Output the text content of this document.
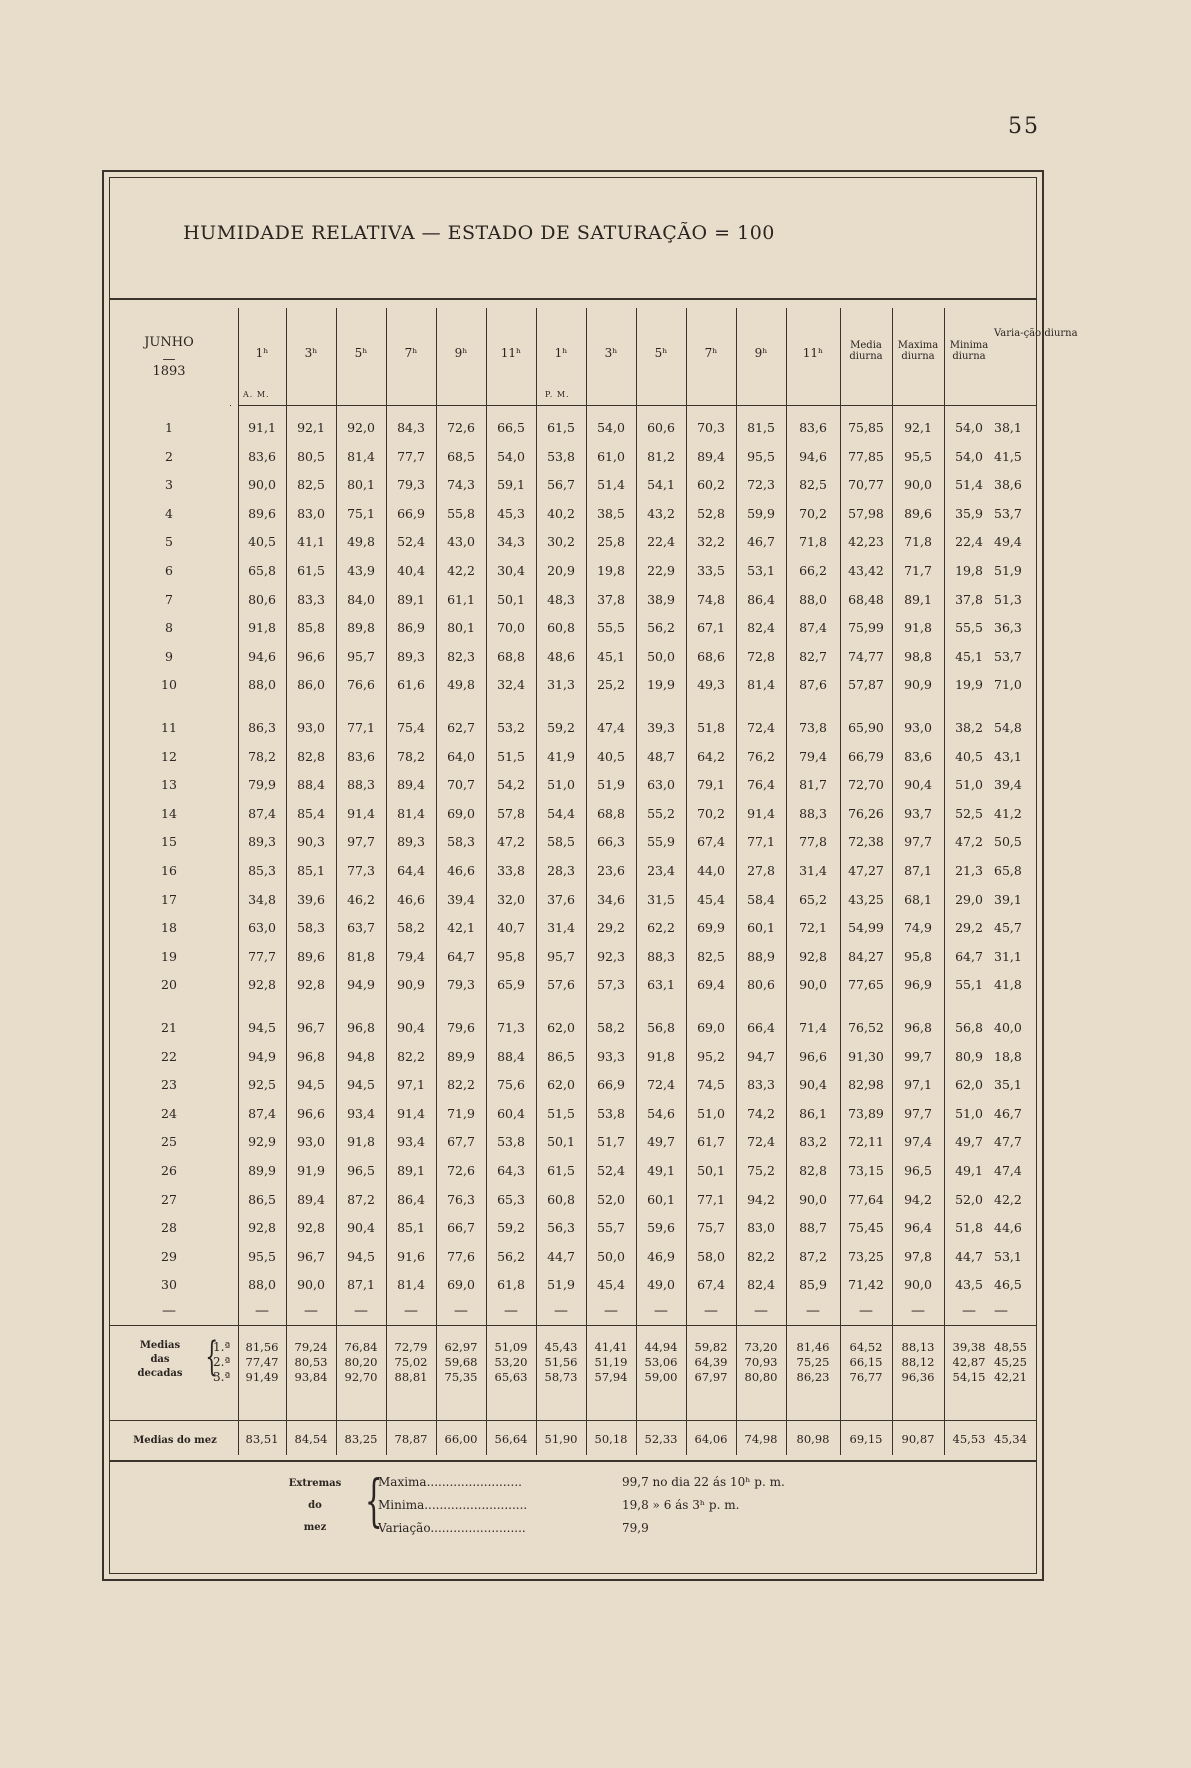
55
HUMIDADE RELATIVA — ESTADO DE SATURAÇÃO = 100
JUNHO
—
1893
1ʰ	3ʰ	5ʰ	7ʰ	9ʰ	11ʰ	1ʰ	3ʰ	5ʰ	7ʰ	9ʰ	11ʰ
A. M.	P. M.
Media diurna
Maxima diurna
Minima diurna
Varia-ção diurna
1	91,1	92,1	92,0	84,3	72,6	66,5	61,5	54,0	60,6	70,3	81,5	83,6	75,85	92,1	54,0 38,1
2	83,6	80,5	81,4	77,7	68,5	54,0	53,8	61,0	81,2	89,4	95,5	94,6	77,85	95,5	54,0 41,5
3	90,0	82,5	80,1	79,3	74,3	59,1	56,7	51,4	54,1	60,2	72,3	82,5	70,77	90,0	51,4 38,6
4	89,6	83,0	75,1	66,9	55,8	45,3	40,2	38,5	43,2	52,8	59,9	70,2	57,98	89,6	35,9 53,7
5	40,5	41,1	49,8	52,4	43,0	34,3	30,2	25,8	22,4	32,2	46,7	71,8	42,23	71,8	22,4 49,4
6	65,8	61,5	43,9	40,4	42,2	30,4	20,9	19,8	22,9	33,5	53,1	66,2	43,42	71,7	19,8 51,9
7	80,6	83,3	84,0	89,1	61,1	50,1	48,3	37,8	38,9	74,8	86,4	88,0	68,48	89,1	37,8 51,3
8	91,8	85,8	89,8	86,9	80,1	70,0	60,8	55,5	56,2	67,1	82,4	87,4	75,99	91,8	55,5 36,3
9	94,6	96,6	95,7	89,3	82,3	68,8	48,6	45,1	50,0	68,6	72,8	82,7	74,77	98,8	45,1 53,7
10	88,0	86,0	76,6	61,6	49,8	32,4	31,3	25,2	19,9	49,3	81,4	87,6	57,87	90,9	19,9 71,0
11	86,3	93,0	77,1	75,4	62,7	53,2	59,2	47,4	39,3	51,8	72,4	73,8	65,90	93,0	38,2 54,8
12	78,2	82,8	83,6	78,2	64,0	51,5	41,9	40,5	48,7	64,2	76,2	79,4	66,79	83,6	40,5 43,1
13	79,9	88,4	88,3	89,4	70,7	54,2	51,0	51,9	63,0	79,1	76,4	81,7	72,70	90,4	51,0 39,4
14	87,4	85,4	91,4	81,4	69,0	57,8	54,4	68,8	55,2	70,2	91,4	88,3	76,26	93,7	52,5 41,2
15	89,3	90,3	97,7	89,3	58,3	47,2	58,5	66,3	55,9	67,4	77,1	77,8	72,38	97,7	47,2 50,5
16	85,3	85,1	77,3	64,4	46,6	33,8	28,3	23,6	23,4	44,0	27,8	31,4	47,27	87,1	21,3 65,8
17	34,8	39,6	46,2	46,6	39,4	32,0	37,6	34,6	31,5	45,4	58,4	65,2	43,25	68,1	29,0 39,1
18	63,0	58,3	63,7	58,2	42,1	40,7	31,4	29,2	62,2	69,9	60,1	72,1	54,99	74,9	29,2 45,7
19	77,7	89,6	81,8	79,4	64,7	95,8	95,7	92,3	88,3	82,5	88,9	92,8	84,27	95,8	64,7 31,1
20	92,8	92,8	94,9	90,9	79,3	65,9	57,6	57,3	63,1	69,4	80,6	90,0	77,65	96,9	55,1 41,8
21	94,5	96,7	96,8	90,4	79,6	71,3	62,0	58,2	56,8	69,0	66,4	71,4	76,52	96,8	56,8 40,0
22	94,9	96,8	94,8	82,2	89,9	88,4	86,5	93,3	91,8	95,2	94,7	96,6	91,30	99,7	80,9 18,8
23	92,5	94,5	94,5	97,1	82,2	75,6	62,0	66,9	72,4	74,5	83,3	90,4	82,98	97,1	62,0 35,1
24	87,4	96,6	93,4	91,4	71,9	60,4	51,5	53,8	54,6	51,0	74,2	86,1	73,89	97,7	51,0 46,7
25	92,9	93,0	91,8	93,4	67,7	53,8	50,1	51,7	49,7	61,7	72,4	83,2	72,11	97,4	49,7 47,7
26	89,9	91,9	96,5	89,1	72,6	64,3	61,5	52,4	49,1	50,1	75,2	82,8	73,15	96,5	49,1 47,4
27	86,5	89,4	87,2	86,4	76,3	65,3	60,8	52,0	60,1	77,1	94,2	90,0	77,64	94,2	52,0 42,2
28	92,8	92,8	90,4	85,1	66,7	59,2	56,3	55,7	59,6	75,7	83,0	88,7	75,45	96,4	51,8 44,6
29	95,5	96,7	94,5	91,6	77,6	56,2	44,7	50,0	46,9	58,0	82,2	87,2	73,25	97,8	44,7 53,1
30	88,0	90,0	87,1	81,4	69,0	61,8	51,9	45,4	49,0	67,4	82,4	85,9	71,42	90,0	43,5 46,5
—	—	—	—	—	—	—	—	—	—	—	—	—	—	—	—	—
Medias
das
decadas {
1.ª
2.ª
3.ª
81,56	79,24	76,84	72,79	62,97	51,09	45,43	41,41	44,94	59,82	73,20	81,46	64,52	88,13	39,38 48,55
77,47	80,53	80,20	75,02	59,68	53,20	51,56	51,19	53,06	64,39	70,93	75,25	66,15	88,12	42,87 45,25
91,49	93,84	92,70	88,81	75,35	65,63	58,73	57,94	59,00	67,97	80,80	86,23	76,77	96,36	54,15 42,21
Medias do mez	83,51	84,54	83,25	78,87	66,00	56,64	51,90	50,18	52,33	64,06	74,98	80,98	69,15	90,87	45,53 45,34
Extremas
do
mez {
Maxima.........................	99,7 no dia 22 ás 10ʰ p. m.
Minima...........................	19,8 » 6 ás 3ʰ p. m.
Variação.........................	79,9
